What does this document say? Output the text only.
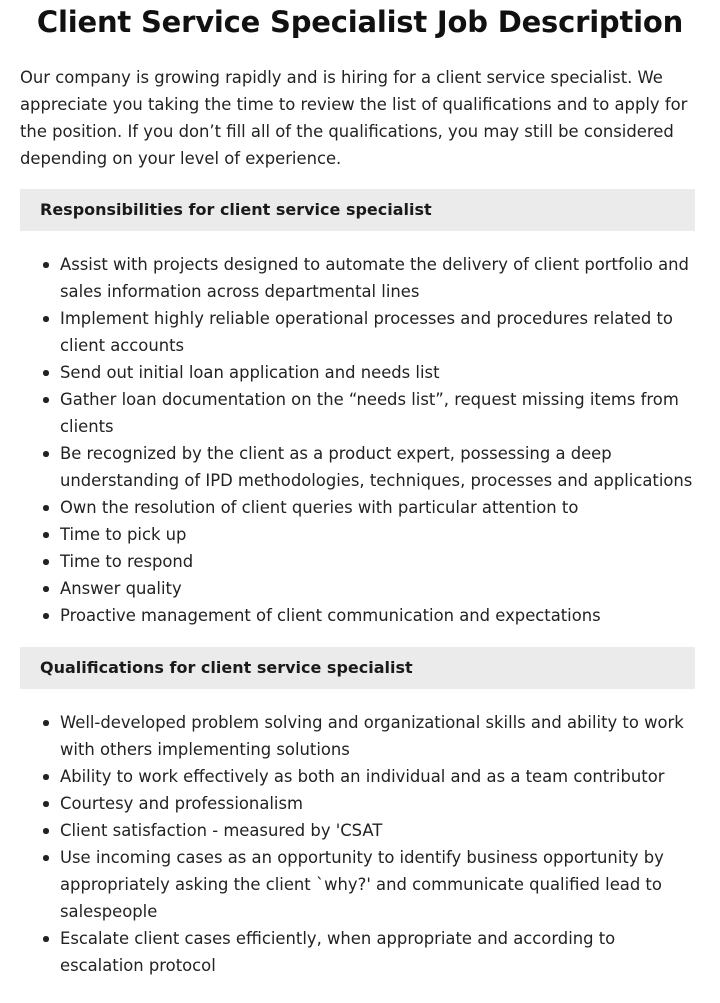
Client Service Specialist Job Description

Our company is growing rapidly and is hiring for a client service specialist. We appreciate you taking the time to review the list of qualifications and to apply for the position. If you don’t fill all of the qualifications, you may still be considered depending on your level of experience.

Responsibilities for client service specialist
Assist with projects designed to automate the delivery of client portfolio and sales information across departmental lines
Implement highly reliable operational processes and procedures related to client accounts
Send out initial loan application and needs list
Gather loan documentation on the “needs list”, request missing items from clients
Be recognized by the client as a product expert, possessing a deep understanding of IPD methodologies, techniques, processes and applications
Own the resolution of client queries with particular attention to
Time to pick up
Time to respond
Answer quality
Proactive management of client communication and expectations
Qualifications for client service specialist
Well-developed problem solving and organizational skills and ability to work with others implementing solutions
Ability to work effectively as both an individual and as a team contributor
Courtesy and professionalism
Client satisfaction - measured by 'CSAT
Use incoming cases as an opportunity to identify business opportunity by appropriately asking the client `why?' and communicate qualified lead to salespeople
Escalate client cases efficiently, when appropriate and according to escalation protocol
